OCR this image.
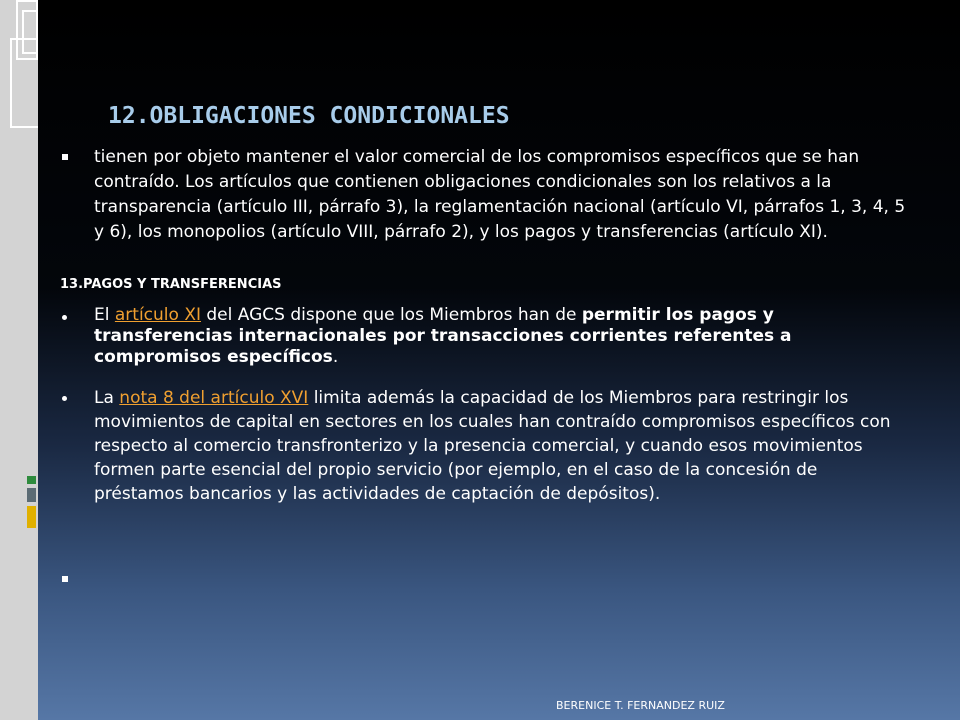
12.OBLIGACIONES CONDICIONALES
tienen por objeto mantener el valor comercial de los compromisos específicos que se han contraído. Los artículos que contienen obligaciones condicionales son los relativos a la transparencia (artículo III, párrafo 3), la reglamentación nacional (artículo VI, párrafos 1, 3, 4, 5 y 6), los monopolios (artículo VIII, párrafo 2), y los pagos y transferencias (artículo XI).
13.PAGOS Y TRANSFERENCIAS
El artículo XI del AGCS dispone que los Miembros han de permitir los pagos y transferencias internacionales por transacciones corrientes referentes a compromisos específicos.
La nota 8 del artículo XVI limita además la capacidad de los Miembros para restringir los movimientos de capital en sectores en los cuales han contraído compromisos específicos con respecto al comercio transfronterizo y la presencia comercial, y cuando esos movimientos formen parte esencial del propio servicio (por ejemplo, en el caso de la concesión de préstamos bancarios y las actividades de captación de depósitos).
BERENICE T. FERNANDEZ RUIZ
